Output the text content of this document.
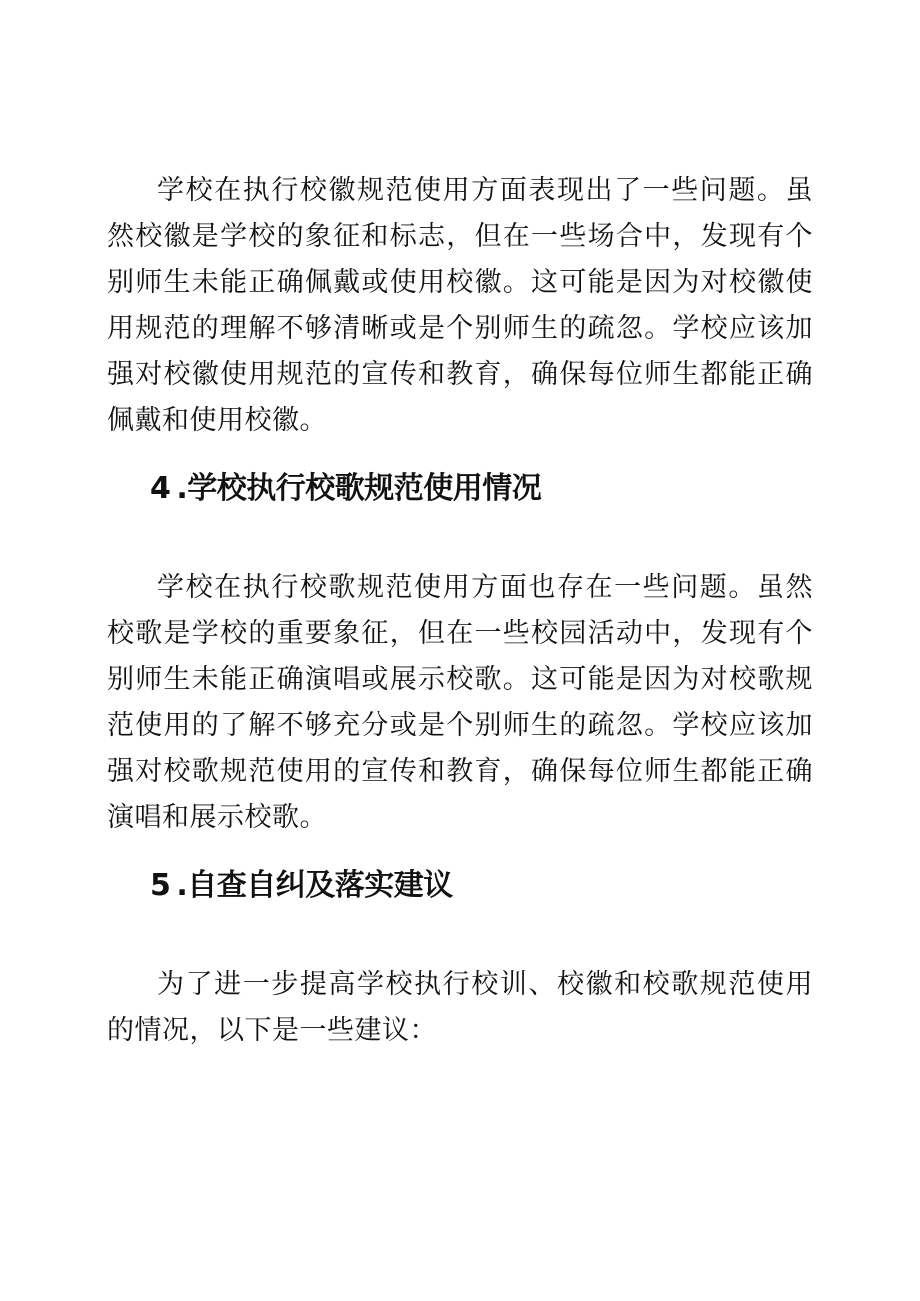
学校在执行校徽规范使用方面表现出了一些问题。虽然校徽是学校的象征和标志，但在一些场合中，发现有个别师生未能正确佩戴或使用校徽。这可能是因为对校徽使用规范的理解不够清晰或是个别师生的疏忽。学校应该加强对校徽使用规范的宣传和教育，确保每位师生都能正确佩戴和使用校徽。

4 .学校执行校歌规范使用情况

学校在执行校歌规范使用方面也存在一些问题。虽然校歌是学校的重要象征，但在一些校园活动中，发现有个别师生未能正确演唱或展示校歌。这可能是因为对校歌规范使用的了解不够充分或是个别师生的疏忽。学校应该加强对校歌规范使用的宣传和教育，确保每位师生都能正确演唱和展示校歌。

5 .自查自纠及落实建议

为了进一步提高学校执行校训、校徽和校歌规范使用的情况，以下是一些建议：
